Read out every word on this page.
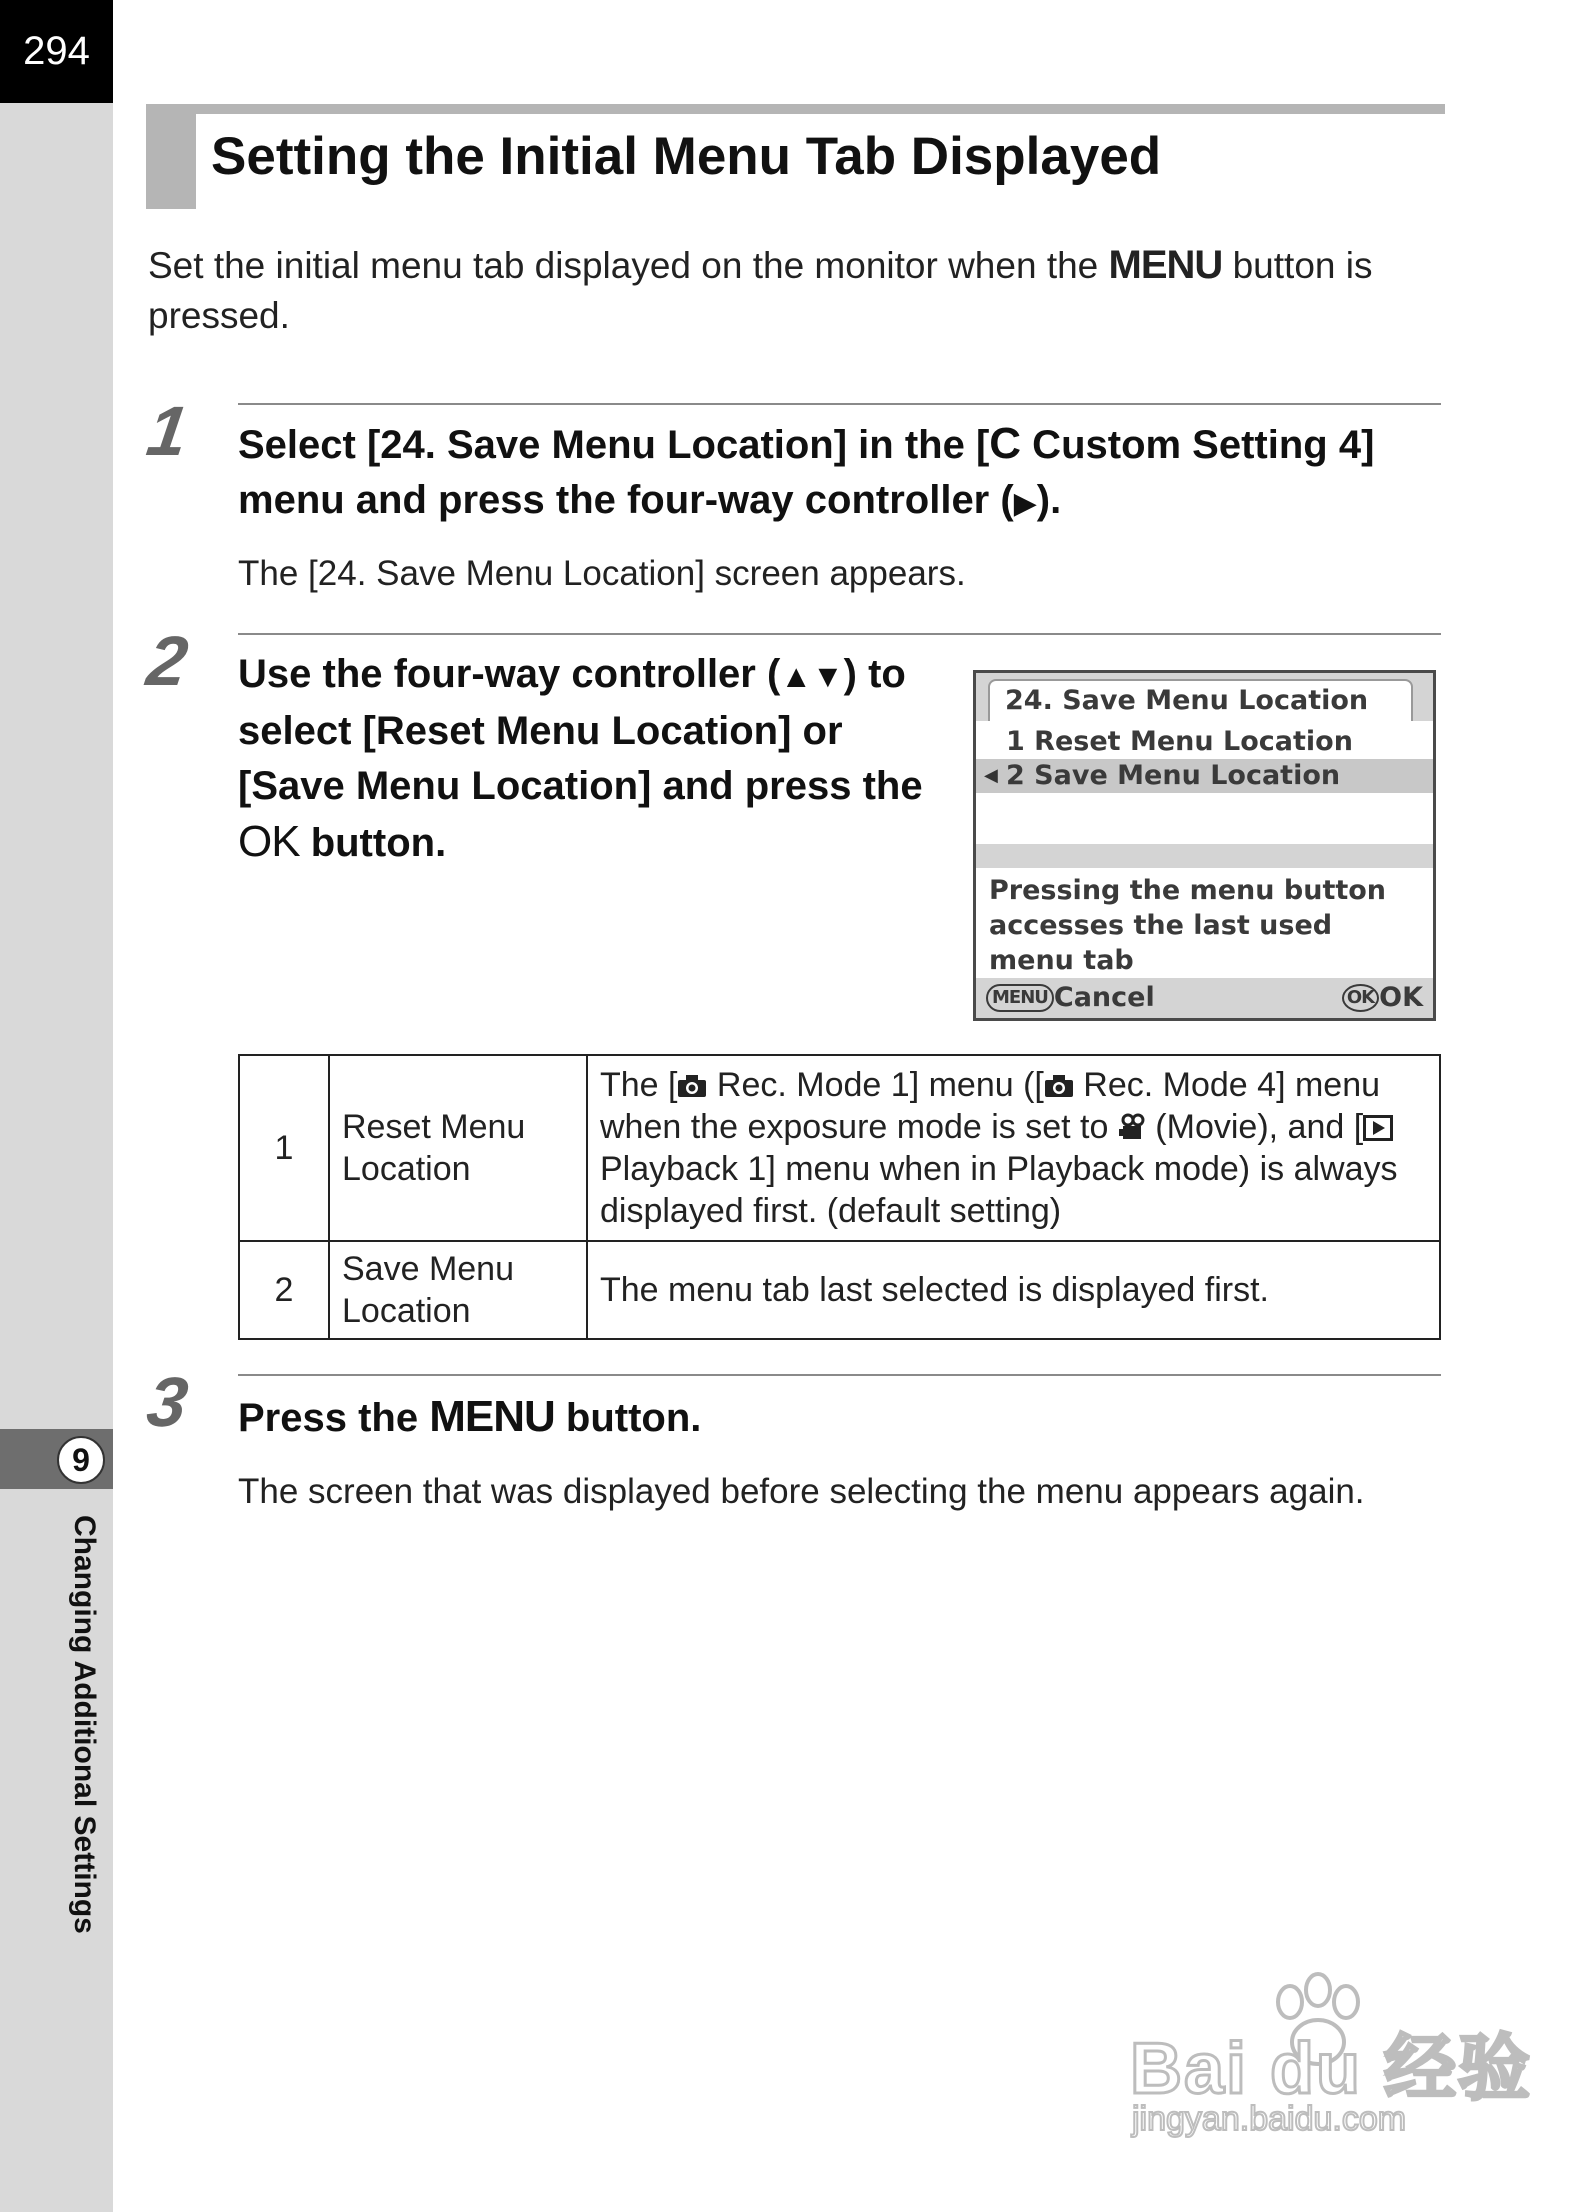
294
9
Changing Additional Settings
Setting the Initial Menu Tab Displayed
Set the initial menu tab displayed on the monitor when the MENU button is pressed.
1 Select [24. Save Menu Location] in the [C Custom Setting 4] menu and press the four-way controller (▶).
The [24. Save Menu Location] screen appears.
2 Use the four-way controller (▲▼) to select [Reset Menu Location] or [Save Menu Location] and press the OK button.
24. Save Menu Location
1 Reset Menu Location
◀ 2 Save Menu Location
Pressing the menu button
accesses the last used
menu tab
MENU Cancel	OK OK
1	Reset Menu Location	The [ Rec. Mode 1] menu ([ Rec. Mode 4] menu when the exposure mode is set to  (Movie), and [ Playback 1] menu when in Playback mode) is always displayed first. (default setting)
2	Save Menu Location	The menu tab last selected is displayed first.
3 Press the MENU button.
The screen that was displayed before selecting the menu appears again.
Bai du 经验
jingyan.baidu.com
